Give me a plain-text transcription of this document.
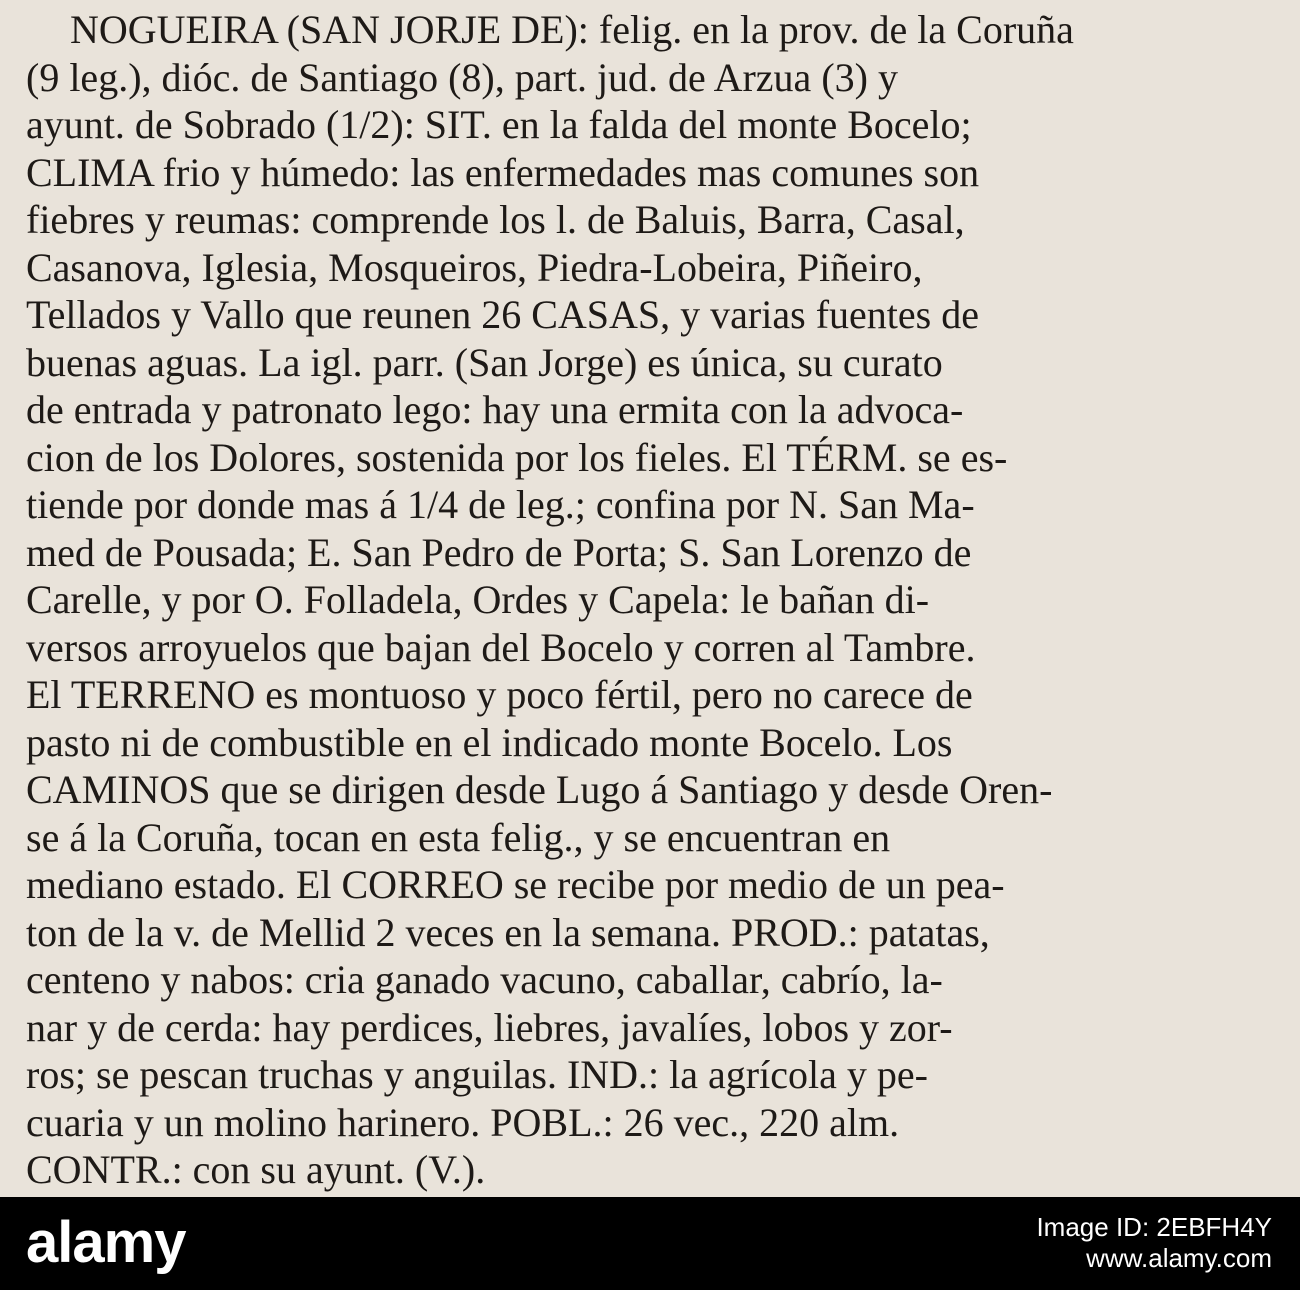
NOGUEIRA (SAN JORJE DE): felig. en la prov. de la Coruña
(9 leg.), dióc. de Santiago (8), part. jud. de Arzua (3) y
ayunt. de Sobrado (1/2): SIT. en la falda del monte Bocelo;
CLIMA frio y húmedo: las enfermedades mas comunes son
fiebres y reumas: comprende los l. de Baluis, Barra, Casal,
Casanova, Iglesia, Mosqueiros, Piedra-Lobeira, Piñeiro,
Tellados y Vallo que reunen 26 CASAS, y varias fuentes de
buenas aguas. La igl. parr. (San Jorge) es única, su curato
de entrada y patronato lego: hay una ermita con la advoca-
cion de los Dolores, sostenida por los fieles. El TÉRM. se es-
tiende por donde mas á 1/4 de leg.; confina por N. San Ma-
med de Pousada; E. San Pedro de Porta; S. San Lorenzo de
Carelle, y por O. Folladela, Ordes y Capela: le bañan di-
versos arroyuelos que bajan del Bocelo y corren al Tambre.
El TERRENO es montuoso y poco fértil, pero no carece de
pasto ni de combustible en el indicado monte Bocelo. Los
CAMINOS que se dirigen desde Lugo á Santiago y desde Oren-
se á la Coruña, tocan en esta felig., y se encuentran en
mediano estado. El CORREO se recibe por medio de un pea-
ton de la v. de Mellid 2 veces en la semana. PROD.: patatas,
centeno y nabos: cria ganado vacuno, caballar, cabrío, la-
nar y de cerda: hay perdices, liebres, javalíes, lobos y zor-
ros; se pescan truchas y anguilas. IND.: la agrícola y pe-
cuaria y un molino harinero. POBL.: 26 vec., 220 alm.
CONTR.: con su ayunt. (V.).
alamy	Image ID: 2EBFH4Y
www.alamy.com
